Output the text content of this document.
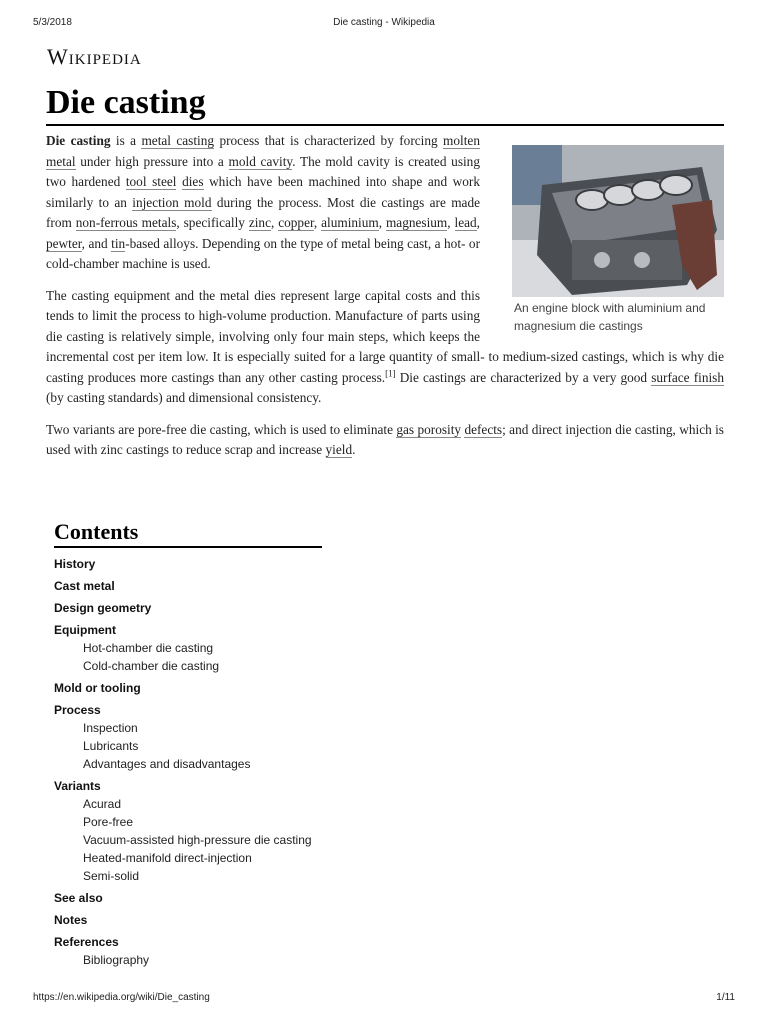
5/3/2018	Die casting - Wikipedia
Wikipedia
Die casting
An engine block with aluminium and magnesium die castings

Die casting is a metal casting process that is characterized by forcing molten metal under high pressure into a mold cavity. The mold cavity is created using two hardened tool steel dies which have been machined into shape and work similarly to an injection mold during the process. Most die castings are made from non-ferrous metals, specifically zinc, copper, aluminium, magnesium, lead, pewter, and tin-based alloys. Depending on the type of metal being cast, a hot- or cold-chamber machine is used.

The casting equipment and the metal dies represent large capital costs and this tends to limit the process to high-volume production. Manufacture of parts using die casting is relatively simple, involving only four main steps, which keeps the incremental cost per item low. It is especially suited for a large quantity of small- to medium-sized castings, which is why die casting produces more castings than any other casting process.[1] Die castings are characterized by a very good surface finish (by casting standards) and dimensional consistency.

Two variants are pore-free die casting, which is used to eliminate gas porosity defects; and direct injection die casting, which is used with zinc castings to reduce scrap and increase yield.

Contents
History
Cast metal
Design geometry
Equipment
Hot-chamber die casting
Cold-chamber die casting
Mold or tooling
Process
Inspection
Lubricants
Advantages and disadvantages
Variants
Acurad
Pore-free
Vacuum-assisted high-pressure die casting
Heated-manifold direct-injection
Semi-solid
See also
Notes
References
Bibliography
https://en.wikipedia.org/wiki/Die_casting	1/11
